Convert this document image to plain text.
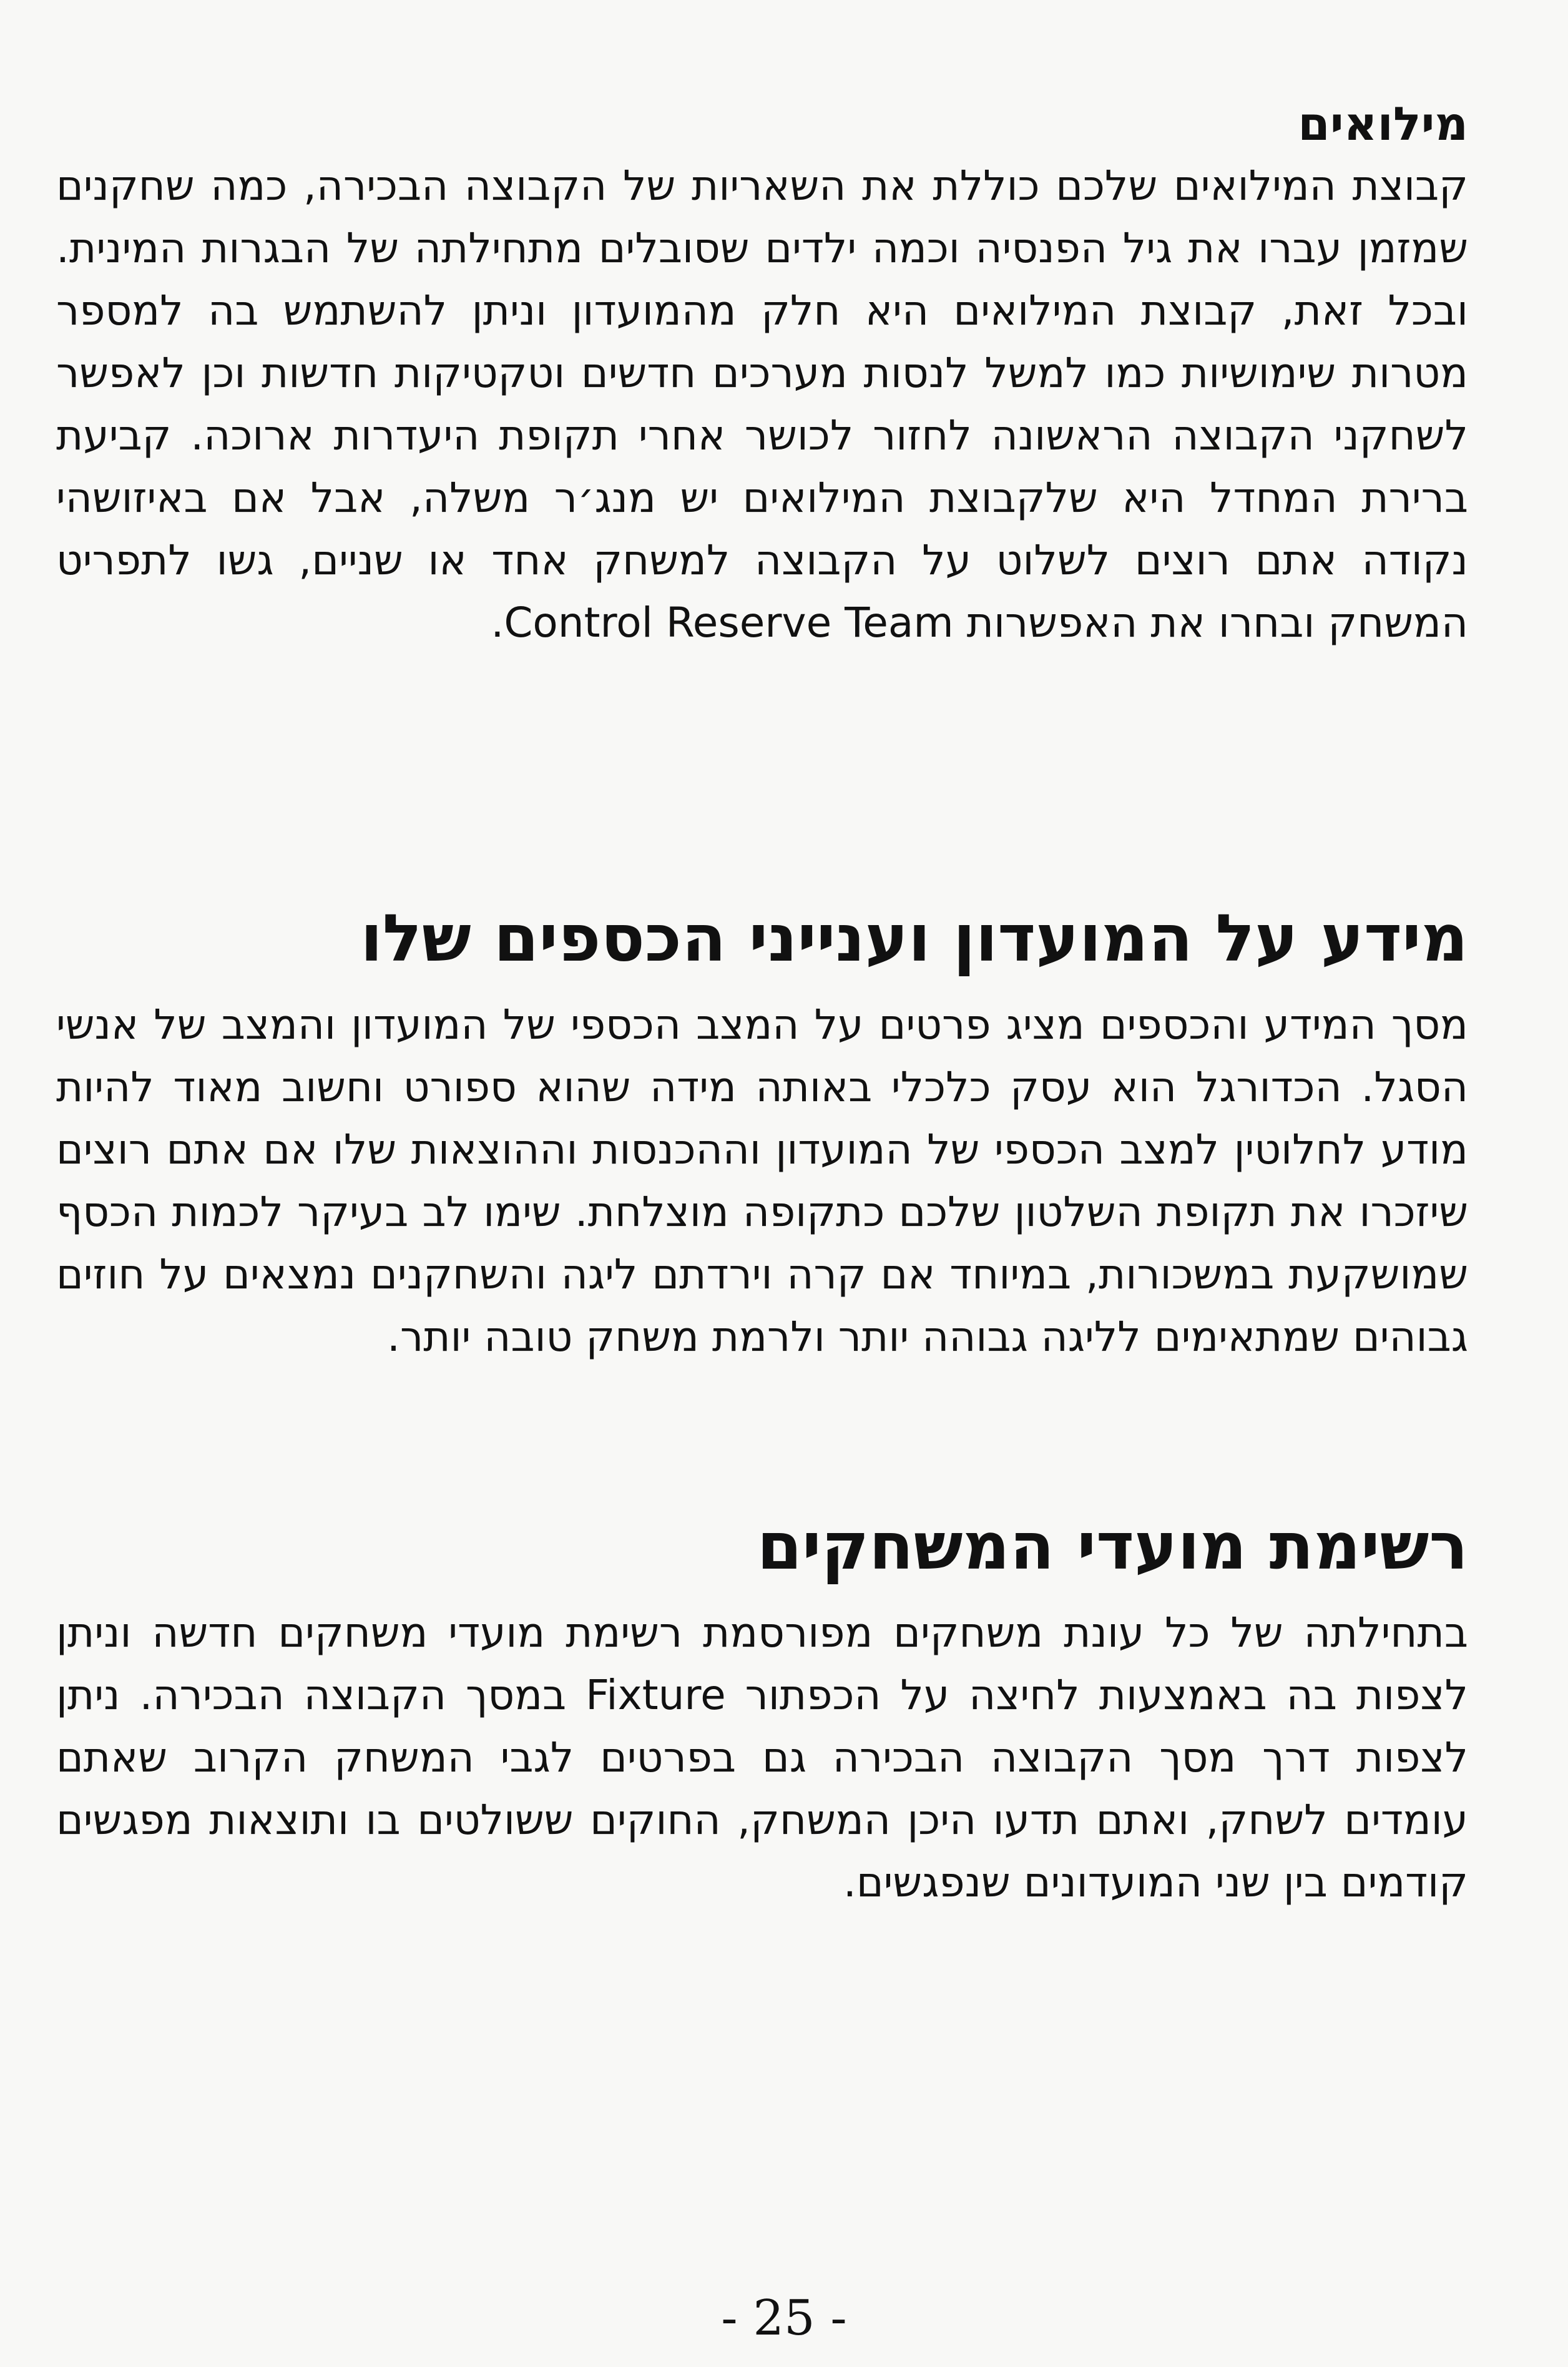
מילואים

קבוצת המילואים שלכם כוללת את השאריות של הקבוצה הבכירה, כמה שחקנים שמזמן עברו את גיל הפנסיה וכמה ילדים שסובלים מתחילתה של הבגרות המינית. ובכל זאת, קבוצת המילואים היא חלק מהמועדון וניתן להשתמש בה למספר מטרות שימושיות כמו למשל לנסות מערכים חדשים וטקטיקות חדשות וכן לאפשר לשחקני הקבוצה הראשונה לחזור לכושר אחרי תקופת היעדרות ארוכה. קביעת ברירת המחדל היא שלקבוצת המילואים יש מנג׳ר משלה, אבל אם באיזושהי נקודה אתם רוצים לשלוט על הקבוצה למשחק אחד או שניים, גשו לתפריט המשחק ובחרו את האפשרות Control Reserve Team.

מידע על המועדון וענייני הכספים שלו

מסך המידע והכספים מציג פרטים על המצב הכספי של המועדון והמצב של אנשי הסגל. הכדורגל הוא עסק כלכלי באותה מידה שהוא ספורט וחשוב מאוד להיות מודע לחלוטין למצב הכספי של המועדון וההכנסות וההוצאות שלו אם אתם רוצים שיזכרו את תקופת השלטון שלכם כתקופה מוצלחת. שימו לב בעיקר לכמות הכסף שמושקעת במשכורות, במיוחד אם קרה וירדתם ליגה והשחקנים נמצאים על חוזים גבוהים שמתאימים לליגה גבוהה יותר ולרמת משחק טובה יותר.

רשימת מועדי המשחקים

בתחילתה של כל עונת משחקים מפורסמת רשימת מועדי משחקים חדשה וניתן לצפות בה באמצעות לחיצה על הכפתור Fixture במסך הקבוצה הבכירה. ניתן לצפות דרך מסך הקבוצה הבכירה גם בפרטים לגבי המשחק הקרוב שאתם עומדים לשחק, ואתם תדעו היכן המשחק, החוקים ששולטים בו ותוצאות מפגשים קודמים בין שני המועדונים שנפגשים.

- 25 -
